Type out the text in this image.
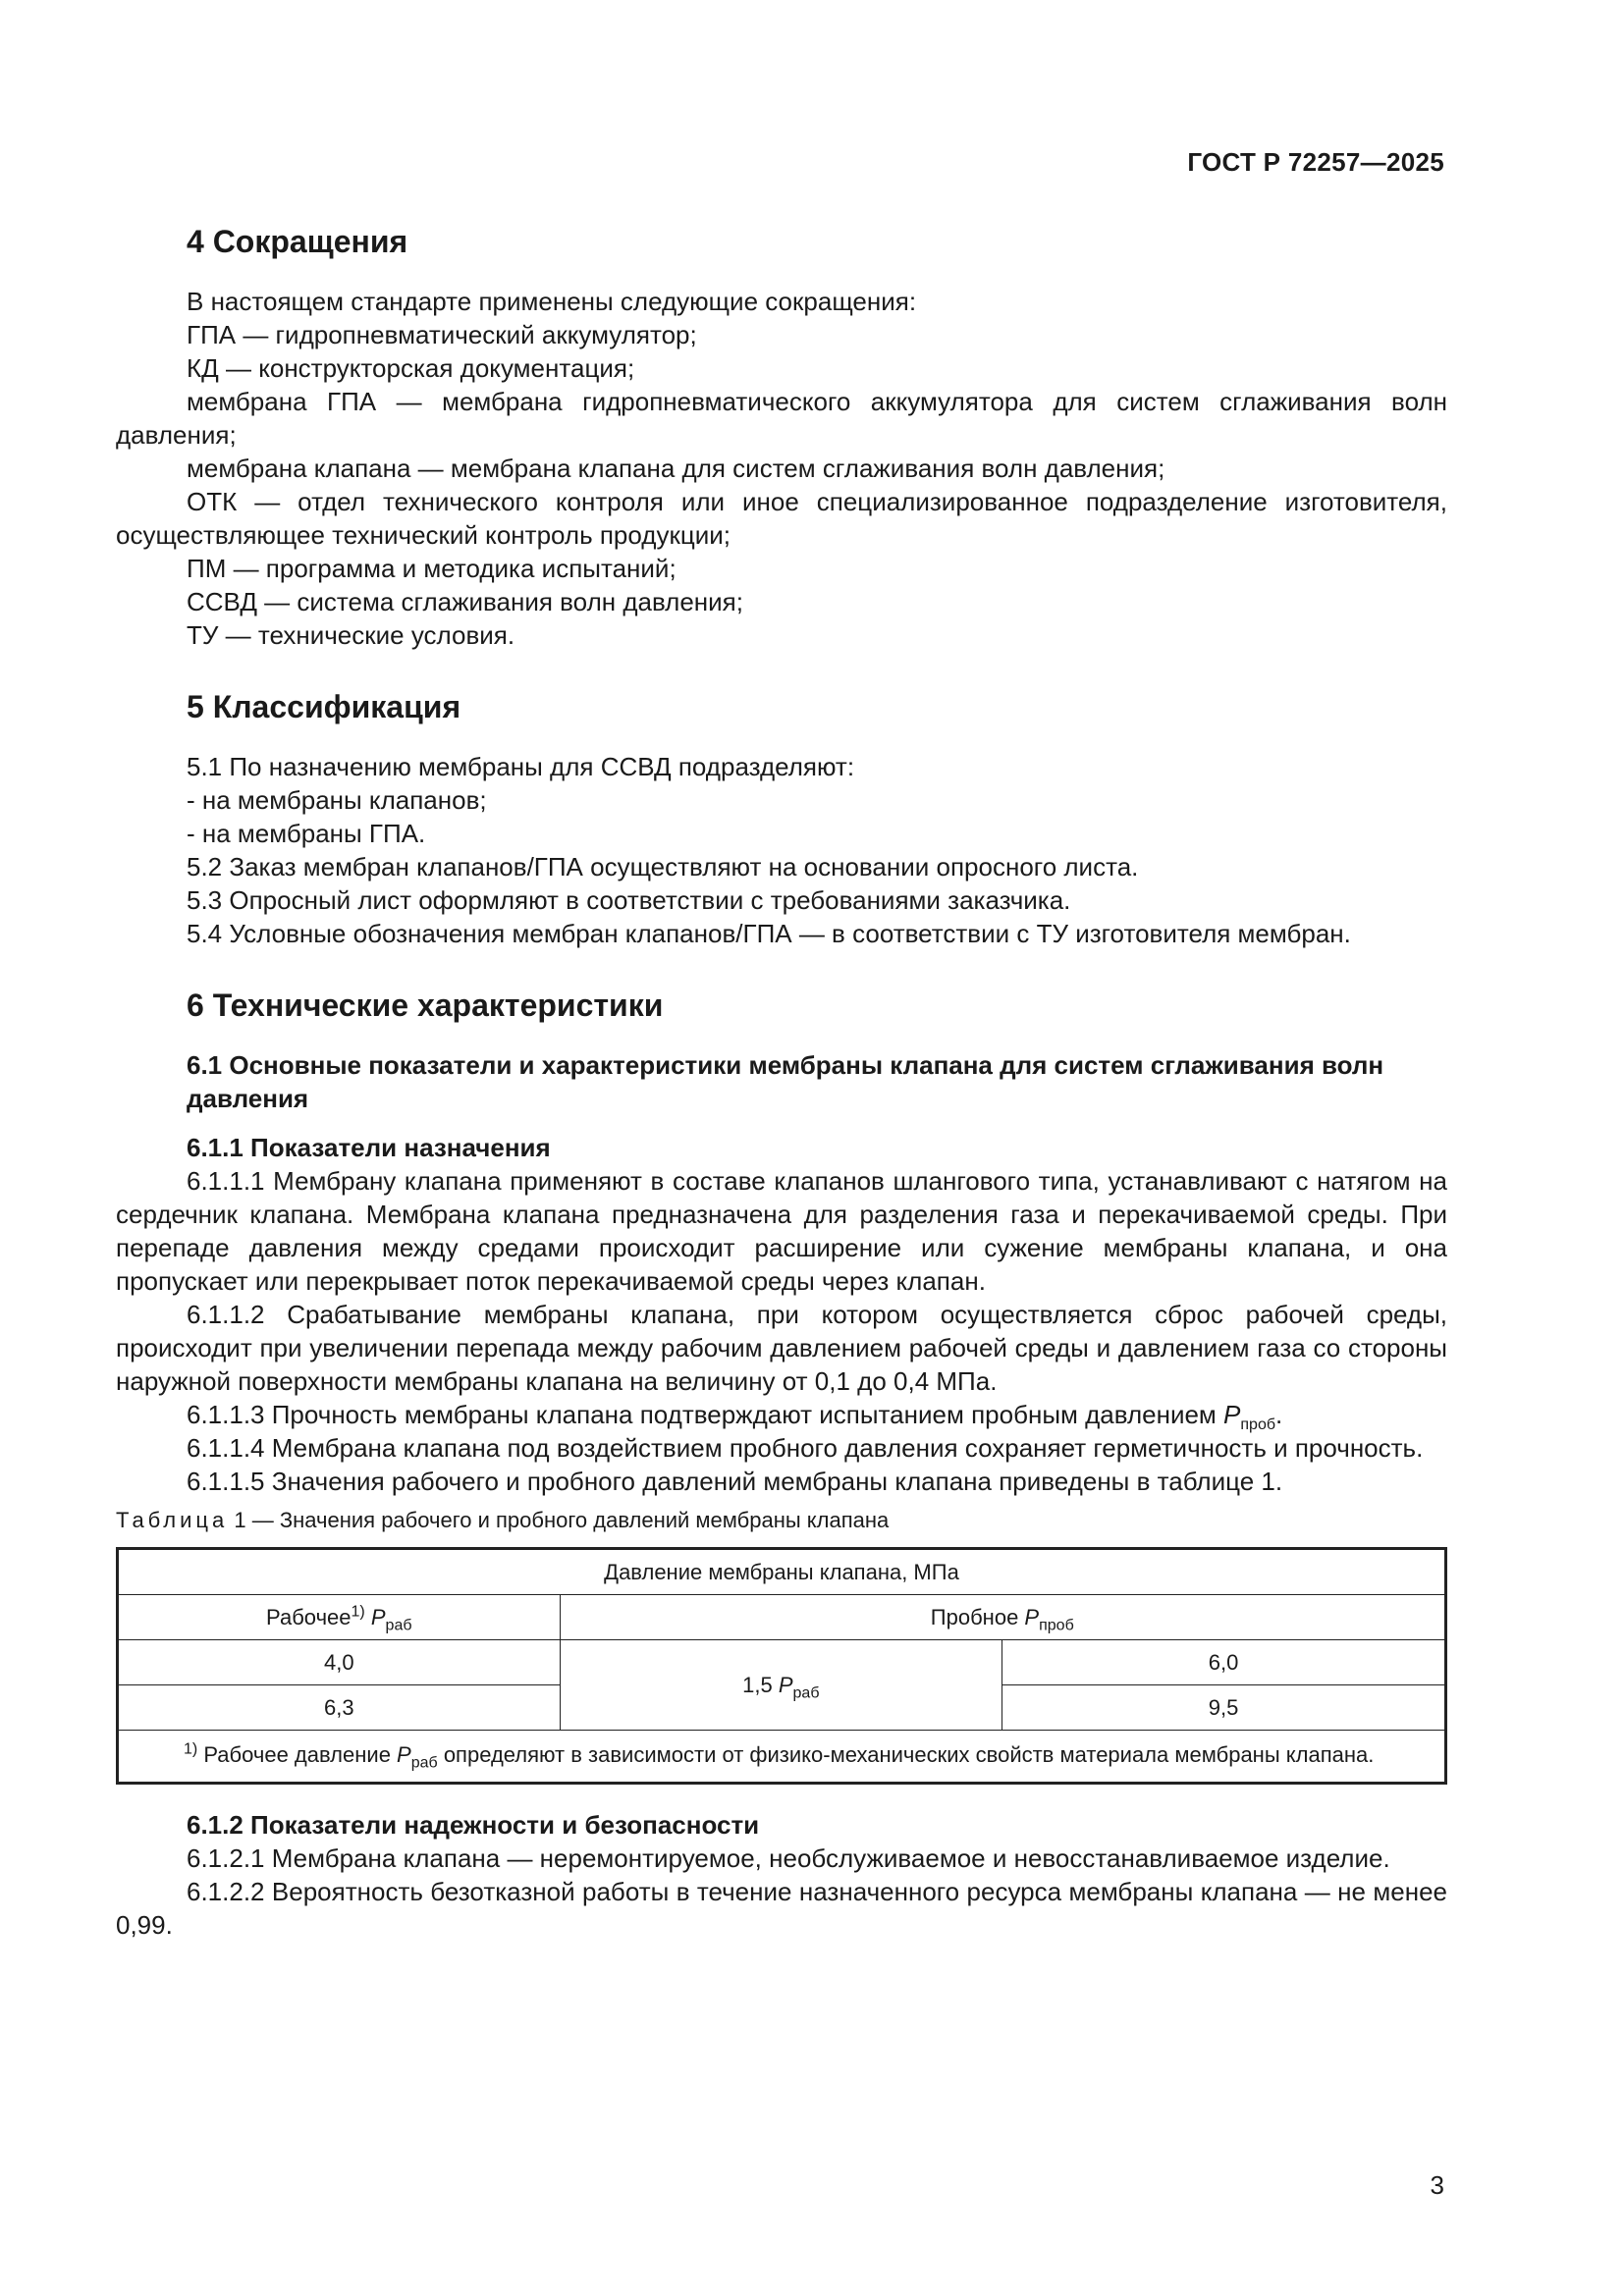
ГОСТ Р 72257—2025
4 Сокращения

В настоящем стандарте применены следующие сокращения:

ГПА — гидропневматический аккумулятор;

КД — конструкторская документация;

мембрана ГПА — мембрана гидропневматического аккумулятора для систем сглаживания волн давления;

мембрана клапана — мембрана клапана для систем сглаживания волн давления;

ОТК — отдел технического контроля или иное специализированное подразделение изготовителя, осуществляющее технический контроль продукции;

ПМ — программа и методика испытаний;

ССВД — система сглаживания волн давления;

ТУ — технические условия.

5 Классификация

5.1 По назначению мембраны для ССВД подразделяют:

- на мембраны клапанов;

- на мембраны ГПА.

5.2 Заказ мембран клапанов/ГПА осуществляют на основании опросного листа.

5.3 Опросный лист оформляют в соответствии с требованиями заказчика.

5.4 Условные обозначения мембран клапанов/ГПА — в соответствии с ТУ изготовителя мембран.

6 Технические характеристики

6.1 Основные показатели и характеристики мембраны клапана для систем сглаживания волн давления

6.1.1 Показатели назначения

6.1.1.1 Мембрану клапана применяют в составе клапанов шлангового типа, устанавливают с натягом на сердечник клапана. Мембрана клапана предназначена для разделения газа и перекачиваемой среды. При перепаде давления между средами происходит расширение или сужение мембраны клапана, и она пропускает или перекрывает поток перекачиваемой среды через клапан.

6.1.1.2 Срабатывание мембраны клапана, при котором осуществляется сброс рабочей среды, происходит при увеличении перепада между рабочим давлением рабочей среды и давлением газа со стороны наружной поверхности мембраны клапана на величину от 0,1 до 0,4 МПа.

6.1.1.3 Прочность мембраны клапана подтверждают испытанием пробным давлением $P_{проб}$.

6.1.1.4 Мембрана клапана под воздействием пробного давления сохраняет герметичность и прочность.

6.1.1.5 Значения рабочего и пробного давлений мембраны клапана приведены в таблице 1.

Таблица 1 — Значения рабочего и пробного давлений мембраны клапана
Давление мембраны клапана, МПа		
Рабочее$^{1)}$ $P_{раб}$	Пробное $P_{проб}$
4,0	1,5 $P_{раб}$	6,0
6,3		9,5
$^{1)}$ Рабочее давление $P_{раб}$ определяют в зависимости от физико-механических свойств материала мембраны клапана.		

6.1.2 Показатели надежности и безопасности

6.1.2.1 Мембрана клапана — неремонтируемое, необслуживаемое и невосстанавливаемое изделие.

6.1.2.2 Вероятность безотказной работы в течение назначенного ресурса мембраны клапана — не менее 0,99.

3
